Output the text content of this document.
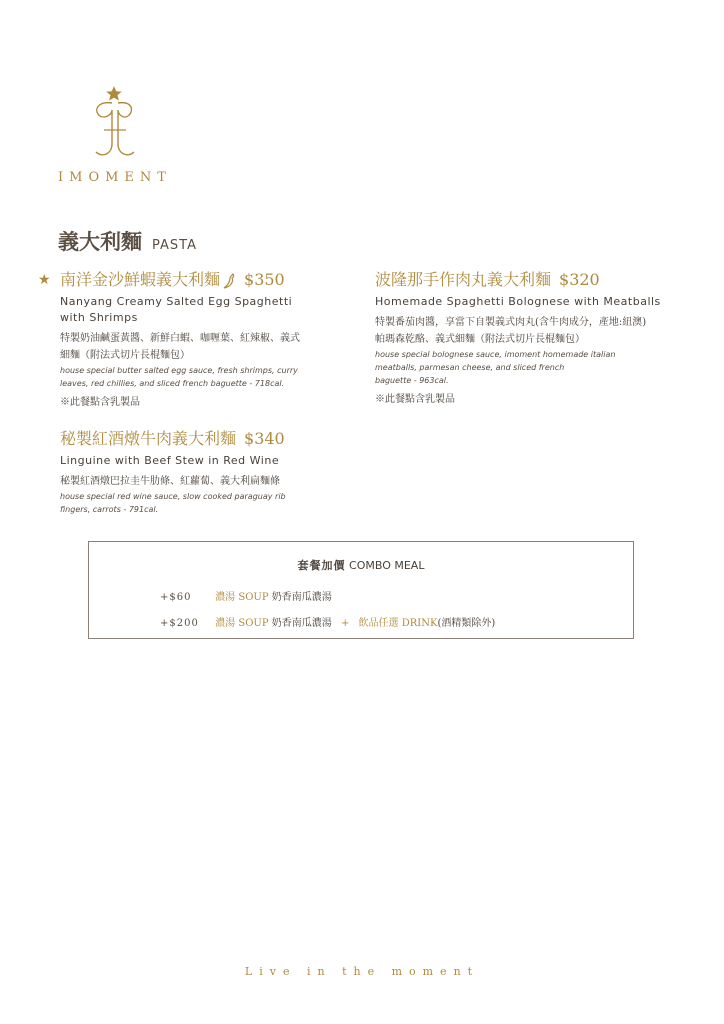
IMOMENT
義大利麵 PASTA
★ 南洋金沙鮮蝦義大利麵 $350
Nanyang Creamy Salted Egg Spaghetti
with Shrimps
特製奶油鹹蛋黃醬、新鮮白蝦、咖喱葉、紅辣椒、義式
細麵（附法式切片長棍麵包）
house special butter salted egg sauce, fresh shrimps, curry
leaves, red chillies, and sliced french baguette - 718cal.
※此餐點含乳製品
波隆那手作肉丸義大利麵 $320
Homemade Spaghetti Bolognese with Meatballs
特製番茄肉醬，享當下自製義式肉丸(含牛肉成分，產地:紐澳)
帕瑪森乾酪、義式細麵（附法式切片長棍麵包）
house special bolognese sauce, imoment homemade italian
meatballs, parmesan cheese, and sliced french
baguette - 963cal.
※此餐點含乳製品
秘製紅酒燉牛肉義大利麵 $340
Linguine with Beef Stew in Red Wine
秘製紅酒燉巴拉圭牛肋條、紅蘿蔔、義大利扁麵條
house special red wine sauce, slow cooked paraguay rib
fingers, carrots - 791cal.
套餐加價 COMBO MEAL
+$60 濃湯 SOUP 奶香南瓜濃湯
+$200 濃湯 SOUP 奶香南瓜濃湯 + 飲品任選 DRINK(酒精類除外)
Live in the moment
